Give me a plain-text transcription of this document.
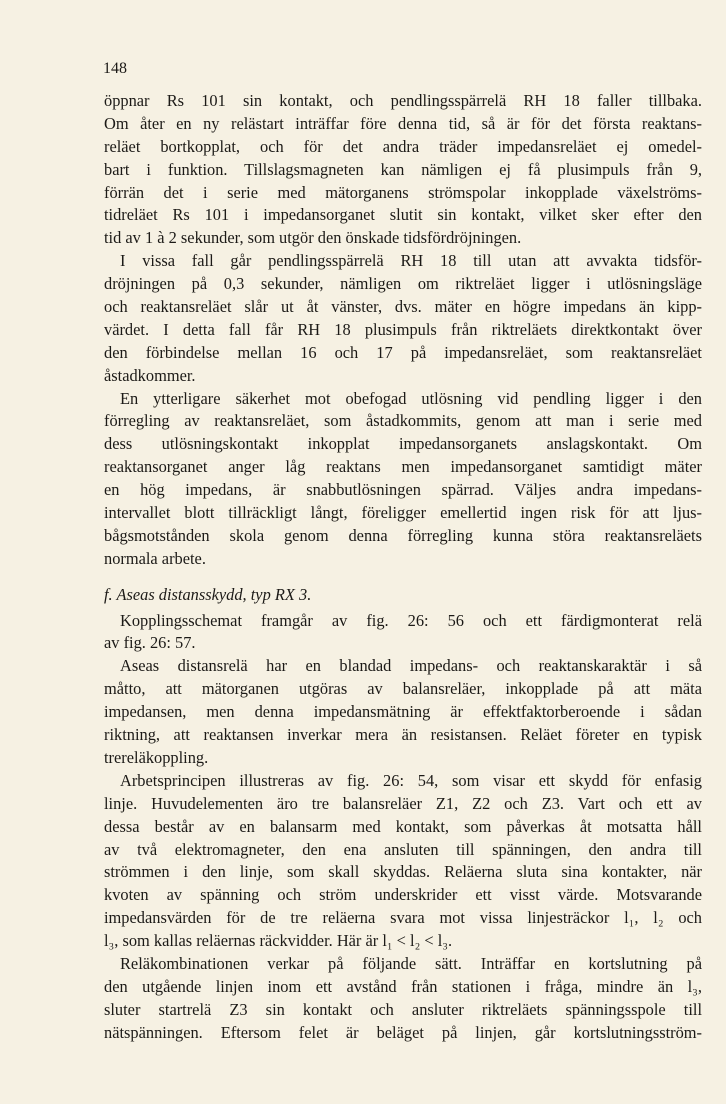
148
öppnar Rs 101 sin kontakt, och pendlingsspärrelä RH 18 faller tillbaka.
Om åter en ny relästart inträffar före denna tid, så är för det första reaktans-
reläet bortkopplat, och för det andra träder impedansreläet ej omedel-
bart i funktion. Tillslagsmagneten kan nämligen ej få plusimpuls från 9,
förrän det i serie med mätorganens strömspolar inkopplade växelströms-
tidreläet Rs 101 i impedansorganet slutit sin kontakt, vilket sker efter den
tid av 1 à 2 sekunder, som utgör den önskade tidsfördröjningen.
I vissa fall går pendlingsspärrelä RH 18 till utan att avvakta tidsför-
dröjningen på 0,3 sekunder, nämligen om riktreläet ligger i utlösningsläge
och reaktansreläet slår ut åt vänster, dvs. mäter en högre impedans än kipp-
värdet. I detta fall får RH 18 plusimpuls från riktreläets direktkontakt över
den förbindelse mellan 16 och 17 på impedansreläet, som reaktansreläet
åstadkommer.
En ytterligare säkerhet mot obefogad utlösning vid pendling ligger i den
förregling av reaktansreläet, som åstadkommits, genom att man i serie med
dess utlösningskontakt inkopplat impedansorganets anslagskontakt. Om
reaktansorganet anger låg reaktans men impedansorganet samtidigt mäter
en hög impedans, är snabbutlösningen spärrad. Väljes andra impedans-
intervallet blott tillräckligt långt, föreligger emellertid ingen risk för att ljus-
bågsmotstånden skola genom denna förregling kunna störa reaktansreläets
normala arbete.
f. Aseas distansskydd, typ RX 3.
Kopplingsschemat framgår av fig. 26: 56 och ett färdigmonterat relä
av fig. 26: 57.
Aseas distansrelä har en blandad impedans- och reaktanskaraktär i så
måtto, att mätorganen utgöras av balansreläer, inkopplade på att mäta
impedansen, men denna impedansmätning är effektfaktorberoende i sådan
riktning, att reaktansen inverkar mera än resistansen. Reläet företer en typisk
trereläkoppling.
Arbetsprincipen illustreras av fig. 26: 54, som visar ett skydd för enfasig
linje. Huvudelementen äro tre balansreläer Z1, Z2 och Z3. Vart och ett av
dessa består av en balansarm med kontakt, som påverkas åt motsatta håll
av två elektromagneter, den ena ansluten till spänningen, den andra till
strömmen i den linje, som skall skyddas. Reläerna sluta sina kontakter, när
kvoten av spänning och ström underskrider ett visst värde. Motsvarande
impedansvärden för de tre reläerna svara mot vissa linjesträckor l₁, l₂ och
l₃, som kallas reläernas räckvidder. Här är l₁ < l₂ < l₃.
Reläkombinationen verkar på följande sätt. Inträffar en kortslutning på
den utgående linjen inom ett avstånd från stationen i fråga, mindre än l₃,
sluter startrelä Z3 sin kontakt och ansluter riktreläets spänningsspole till
nätspänningen. Eftersom felet är beläget på linjen, går kortslutningsström-
